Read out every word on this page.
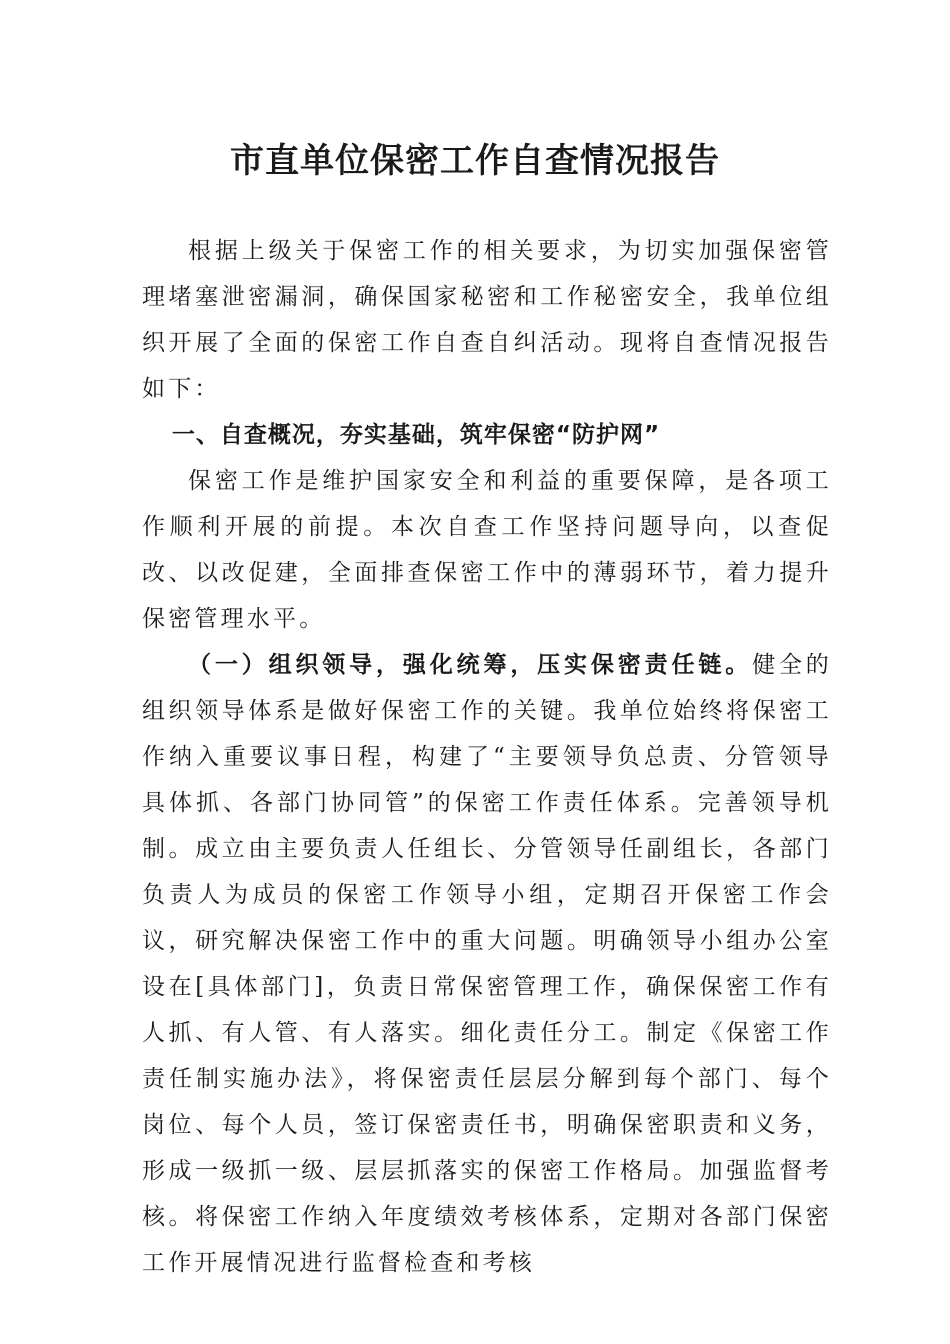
市直单位保密工作自查情况报告

根据上级关于保密工作的相关要求，为切实加强保密管理堵塞泄密漏洞，确保国家秘密和工作秘密安全，我单位组织开展了全面的保密工作自查自纠活动。现将自查情况报告如下：

一、自查概况，夯实基础，筑牢保密“防护网”

保密工作是维护国家安全和利益的重要保障，是各项工作顺利开展的前提。本次自查工作坚持问题导向，以查促改、以改促建，全面排查保密工作中的薄弱环节，着力提升保密管理水平。

（一）组织领导，强化统筹，压实保密责任链。健全的组织领导体系是做好保密工作的关键。我单位始终将保密工作纳入重要议事日程，构建了“主要领导负总责、分管领导具体抓、各部门协同管”的保密工作责任体系。完善领导机制。成立由主要负责人任组长、分管领导任副组长，各部门负责人为成员的保密工作领导小组，定期召开保密工作会议，研究解决保密工作中的重大问题。明确领导小组办公室设在[具体部门]，负责日常保密管理工作，确保保密工作有人抓、有人管、有人落实。细化责任分工。制定《保密工作责任制实施办法》，将保密责任层层分解到每个部门、每个岗位、每个人员，签订保密责任书，明确保密职责和义务，形成一级抓一级、层层抓落实的保密工作格局。加强监督考核。将保密工作纳入年度绩效考核体系，定期对各部门保密工作开展情况进行监督检查和考核
